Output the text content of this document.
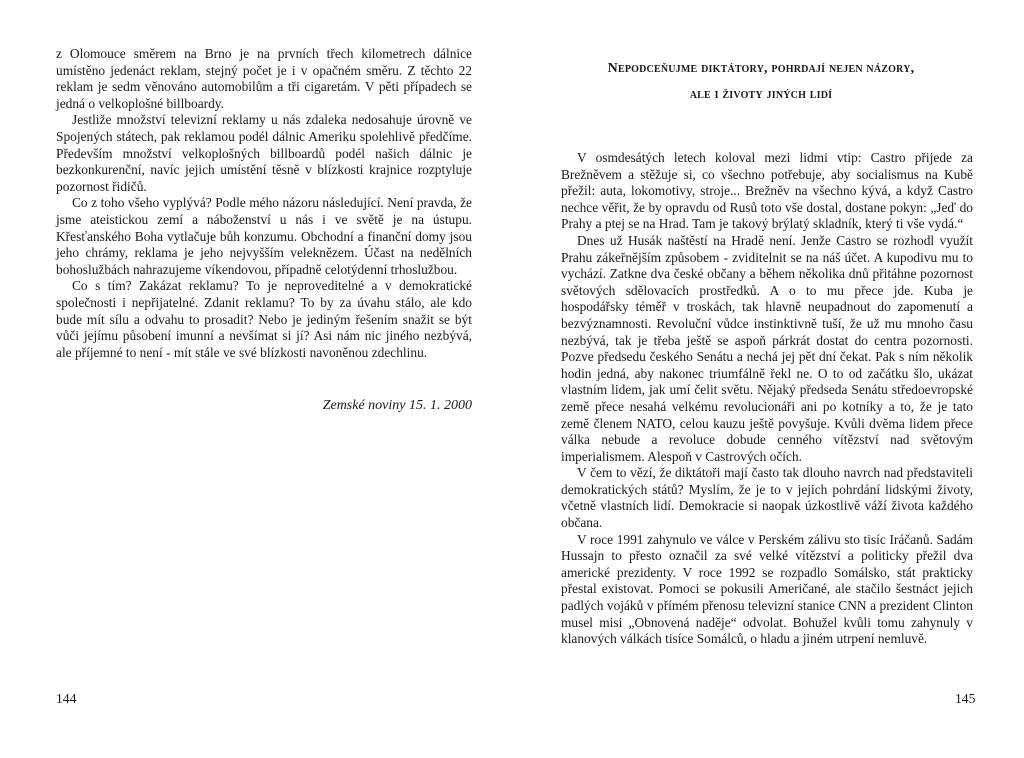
z Olomouce směrem na Brno je na prvních třech kilometrech dálnice umístěno jedenáct reklam, stejný počet je i v opačném směru. Z těchto 22 reklam je sedm věnováno automobilům a tři cigaretám. V pěti případech se jedná o velkoplošné billboardy.

Jestliže množství televizní reklamy u nás zdaleka nedosahuje úrovně ve Spojených státech, pak reklamou podél dálnic Ameriku spolehlivě předčíme. Především množství velkoplošných billboardů podél našich dálnic je bezkonkurenční, navíc jejich umístění těsně v blízkosti krajnice rozptyluje pozornost řidičů.

Co z toho všeho vyplývá? Podle mého názoru následující. Není pravda, že jsme ateistickou zemí a náboženství u nás i ve světě je na ústupu. Křesťanského Boha vytlačuje bůh konzumu. Obchodní a finanční domy jsou jeho chrámy, reklama je jeho nejvyšším veleknězem. Účast na nedělních bohoslužbách nahrazujeme víkendovou, případně celotýdenní trhoslužbou.

Co s tím? Zakázat reklamu? To je neproveditelné a v demokratické společnosti i nepřijatelné. Zdanit reklamu? To by za úvahu stálo, ale kdo bude mít sílu a odvahu to prosadit? Nebo je jediným řešením snažit se být vůči jejímu působení imunní a nevšímat si jí? Asi nám nic jiného nezbývá, ale příjemné to není - mít stále ve své blízkosti navoněnou zdechlinu.

Zemské noviny 15. 1. 2000
144
Nepodceňujme diktátory, pohrdají nejen názory,
ale i životy jiných lidí

V osmdesátých letech koloval mezi lidmi vtip: Castro přijede za Brežněvem a stěžuje si, co všechno potřebuje, aby socialismus na Kubě přežil: auta, lokomotivy, stroje... Brežněv na všechno kývá, a když Castro nechce věřit, že by opravdu od Rusů toto vše dostal, dostane pokyn: „Jeď do Prahy a ptej se na Hrad. Tam je takový brýlatý skladník, který ti vše vydá.“

Dnes už Husák naštěstí na Hradě není. Jenže Castro se rozhodl využít Prahu zákeřnějším způsobem - zviditelnit se na náš účet. A kupodivu mu to vychází. Zatkne dva české občany a během několika dnů přitáhne pozornost světových sdělovacích prostředků. A o to mu přece jde. Kuba je hospodářsky téměř v troskách, tak hlavně neupadnout do zapomenutí a bezvýznamnosti. Revoluční vůdce instinktivně tuší, že už mu mnoho času nezbývá, tak je třeba ještě se aspoň párkrát dostat do centra pozornosti. Pozve předsedu českého Senátu a nechá jej pět dní čekat. Pak s ním několik hodin jedná, aby nakonec triumfálně řekl ne. O to od začátku šlo, ukázat vlastním lidem, jak umí čelit světu. Nějaký předseda Senátu středoevropské země přece nesahá velkému revolucionáři ani po kotníky a to, že je tato země členem NATO, celou kauzu ještě povyšuje. Kvůli dvěma lidem přece válka nebude a revoluce dobude cenného vítězství nad světovým imperialismem. Alespoň v Castrových očích.

V čem to vězí, že diktátoři mají často tak dlouho navrch nad představiteli demokratických států? Myslím, že je to v jejich pohrdání lidskými životy, včetně vlastních lidí. Demokracie si naopak úzkostlivě váží života každého občana.

V roce 1991 zahynulo ve válce v Perském zálivu sto tisíc Iráčanů. Sadám Hussajn to přesto označil za své velké vítězství a politicky přežil dva americké prezidenty. V roce 1992 se rozpadlo Somálsko, stát prakticky přestal existovat. Pomoci se pokusili Američané, ale stačilo šestnáct jejich padlých vojáků v přímém přenosu televizní stanice CNN a prezident Clinton musel misi „Obnovená naděje“ odvolat. Bohužel kvůli tomu zahynuly v klanových válkách tisíce Somálců, o hladu a jiném utrpení nemluvě.

145
